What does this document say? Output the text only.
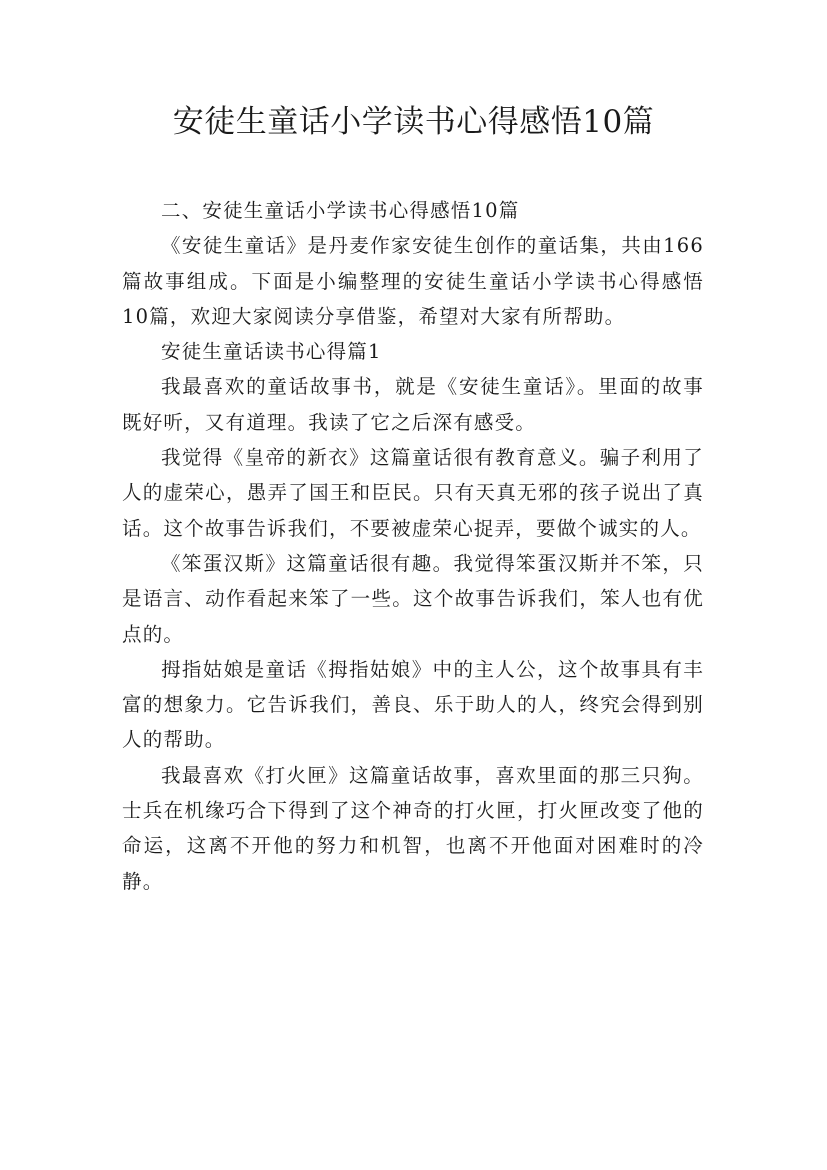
安徒生童话小学读书心得感悟10篇

二、安徒生童话小学读书心得感悟10篇

《安徒生童话》是丹麦作家安徒生创作的童话集，共由166篇故事组成。下面是小编整理的安徒生童话小学读书心得感悟10篇，欢迎大家阅读分享借鉴，希望对大家有所帮助。

安徒生童话读书心得篇1

我最喜欢的童话故事书，就是《安徒生童话》。里面的故事既好听，又有道理。我读了它之后深有感受。

我觉得《皇帝的新衣》这篇童话很有教育意义。骗子利用了人的虚荣心，愚弄了国王和臣民。只有天真无邪的孩子说出了真话。这个故事告诉我们，不要被虚荣心捉弄，要做个诚实的人。

《笨蛋汉斯》这篇童话很有趣。我觉得笨蛋汉斯并不笨，只是语言、动作看起来笨了一些。这个故事告诉我们，笨人也有优点的。

拇指姑娘是童话《拇指姑娘》中的主人公，这个故事具有丰富的想象力。它告诉我们，善良、乐于助人的人，终究会得到别人的帮助。

我最喜欢《打火匣》这篇童话故事，喜欢里面的那三只狗。士兵在机缘巧合下得到了这个神奇的打火匣，打火匣改变了他的命运，这离不开他的努力和机智，也离不开他面对困难时的冷静。
